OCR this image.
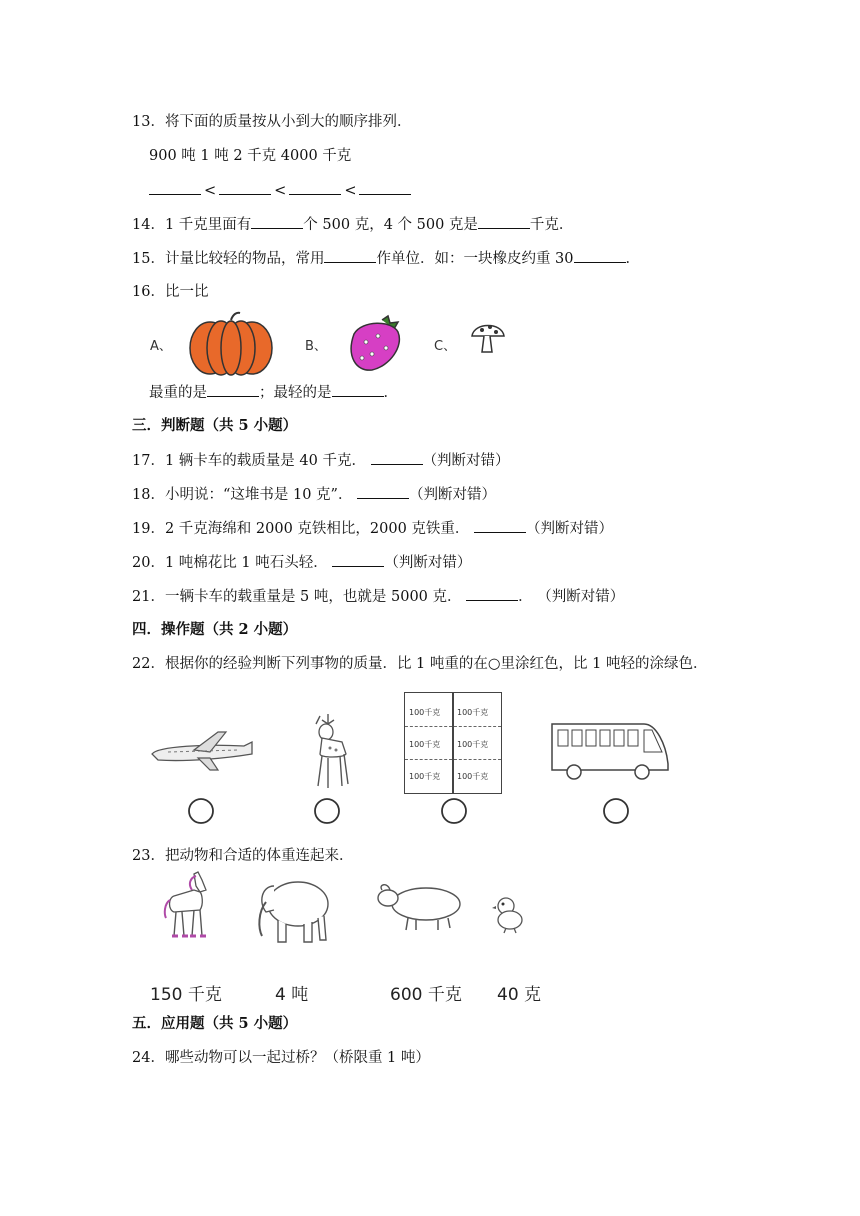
13．将下面的质量按从小到大的顺序排列．
900 吨 1 吨 2 千克 4000 千克
<	<	<
14．1 千克里面有	个 500 克，4 个 500 克是	千克．
15．计量比较轻的物品，常用	作单位．如：一块橡皮约重 30	．
16．比一比
A、	B、	C、
最重的是	；最轻的是	．
三．判断题（共 5 小题）
17．1 辆卡车的载质量是 40 千克．	（判断对错）
18．小明说：“这堆书是 10 克”．	（判断对错）
19．2 千克海绵和 2000 克铁相比，2000 克铁重．	（判断对错）
20．1 吨棉花比 1 吨石头轻．	（判断对错）
21．一辆卡车的载重量是 5 吨，也就是 5000 克．	． （判断对错）
四．操作题（共 2 小题）
22．根据你的经验判断下列事物的质量．比 1 吨重的在○里涂红色，比 1 吨轻的涂绿色．
100千克 100千克
100千克 100千克
100千克 100千克
23．把动物和合适的体重连起来．
150 千克	4 吨	600 千克 40 克
五．应用题（共 5 小题）
24．哪些动物可以一起过桥？（桥限重 1 吨）
